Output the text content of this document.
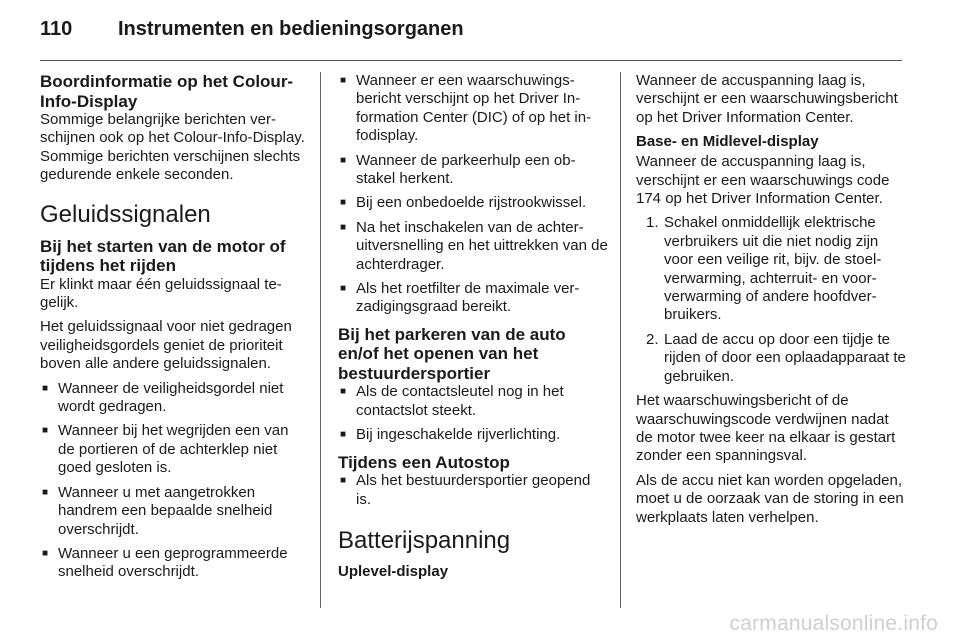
110	Instrumenten en bedieningsorganen
Boordinformatie op het Colour-Info-Display

Sommige belangrijke berichten verschijnen ook op het Colour-Info-Display. Sommige berichten verschijnen slechts gedurende enkele seconden.

Geluidssignalen
Bij het starten van de motor of tijdens het rijden

Er klinkt maar één geluidssignaal tegelijk.

Het geluidssignaal voor niet gedragen veiligheidsgordels geniet de prioriteit boven alle andere geluidssignalen.

■ Wanneer de veiligheidsgordel niet wordt gedragen.
■ Wanneer bij het wegrijden een van de portieren of de achterklep niet goed gesloten is.
■ Wanneer u met aangetrokken handrem een bepaalde snelheid overschrijdt.
■ Wanneer u een geprogrammeerde snelheid overschrijdt.
■ Wanneer er een waarschuwingsbericht verschijnt op het Driver Information Center (DIC) of op het infodisplay.
■ Wanneer de parkeerhulp een obstakel herkent.
■ Bij een onbedoelde rijstrookwissel.
■ Na het inschakelen van de achteruitversnelling en het uittrekken van de achterdrager.
■ Als het roetfilter de maximale verzadigingsgraad bereikt.
Bij het parkeren van de auto en/of het openen van het bestuurdersportier
■ Als de contactsleutel nog in het contactslot steekt.
■ Bij ingeschakelde rijverlichting.
Tijdens een Autostop
■ Als het bestuurdersportier geopend is.
Batterijspanning
Uplevel-display

Wanneer de accuspanning laag is, verschijnt er een waarschuwingsbericht op het Driver Information Center.

Base- en Midlevel-display

Wanneer de accuspanning laag is, verschijnt er een waarschuwings code 174 op het Driver Information Center.

1. Schakel onmiddellijk elektrische verbruikers uit die niet nodig zijn voor een veilige rit, bijv. de stoelverwarming, achterruit- en voorverwarming of andere hoofdverbruikers.
2. Laad de accu op door een tijdje te rijden of door een oplaadapparaat te gebruiken.

Het waarschuwingsbericht of de waarschuwingscode verdwijnen nadat de motor twee keer na elkaar is gestart zonder een spanningsval.

Als de accu niet kan worden opgeladen, moet u de oorzaak van de storing in een werkplaats laten verhelpen.

carmanualsonline.info
